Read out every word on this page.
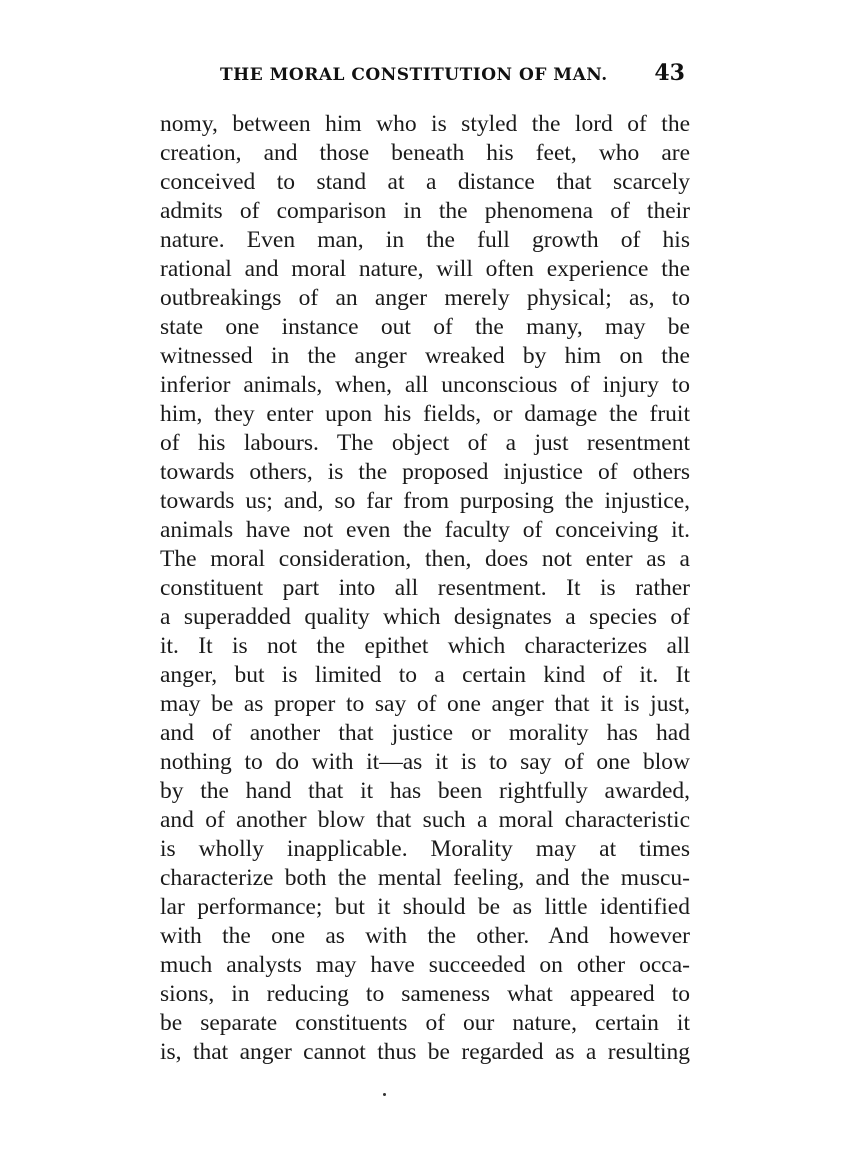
THE MORAL CONSTITUTION OF MAN. 43
nomy, between him who is styled the lord of the
creation, and those beneath his feet, who are
conceived to stand at a distance that scarcely
admits of comparison in the phenomena of their
nature. Even man, in the full growth of his
rational and moral nature, will often experience the
outbreakings of an anger merely physical; as, to
state one instance out of the many, may be
witnessed in the anger wreaked by him on the
inferior animals, when, all unconscious of injury to
him, they enter upon his fields, or damage the fruit
of his labours. The object of a just resentment
towards others, is the proposed injustice of others
towards us; and, so far from purposing the injustice,
animals have not even the faculty of conceiving it.
The moral consideration, then, does not enter as a
constituent part into all resentment. It is rather
a superadded quality which designates a species of
it. It is not the epithet which characterizes all
anger, but is limited to a certain kind of it. It
may be as proper to say of one anger that it is just,
and of another that justice or morality has had
nothing to do with it—as it is to say of one blow
by the hand that it has been rightfully awarded,
and of another blow that such a moral characteristic
is wholly inapplicable. Morality may at times
characterize both the mental feeling, and the muscu-
lar performance; but it should be as little identified
with the one as with the other. And however
much analysts may have succeeded on other occa-
sions, in reducing to sameness what appeared to
be separate constituents of our nature, certain it
is, that anger cannot thus be regarded as a resulting
